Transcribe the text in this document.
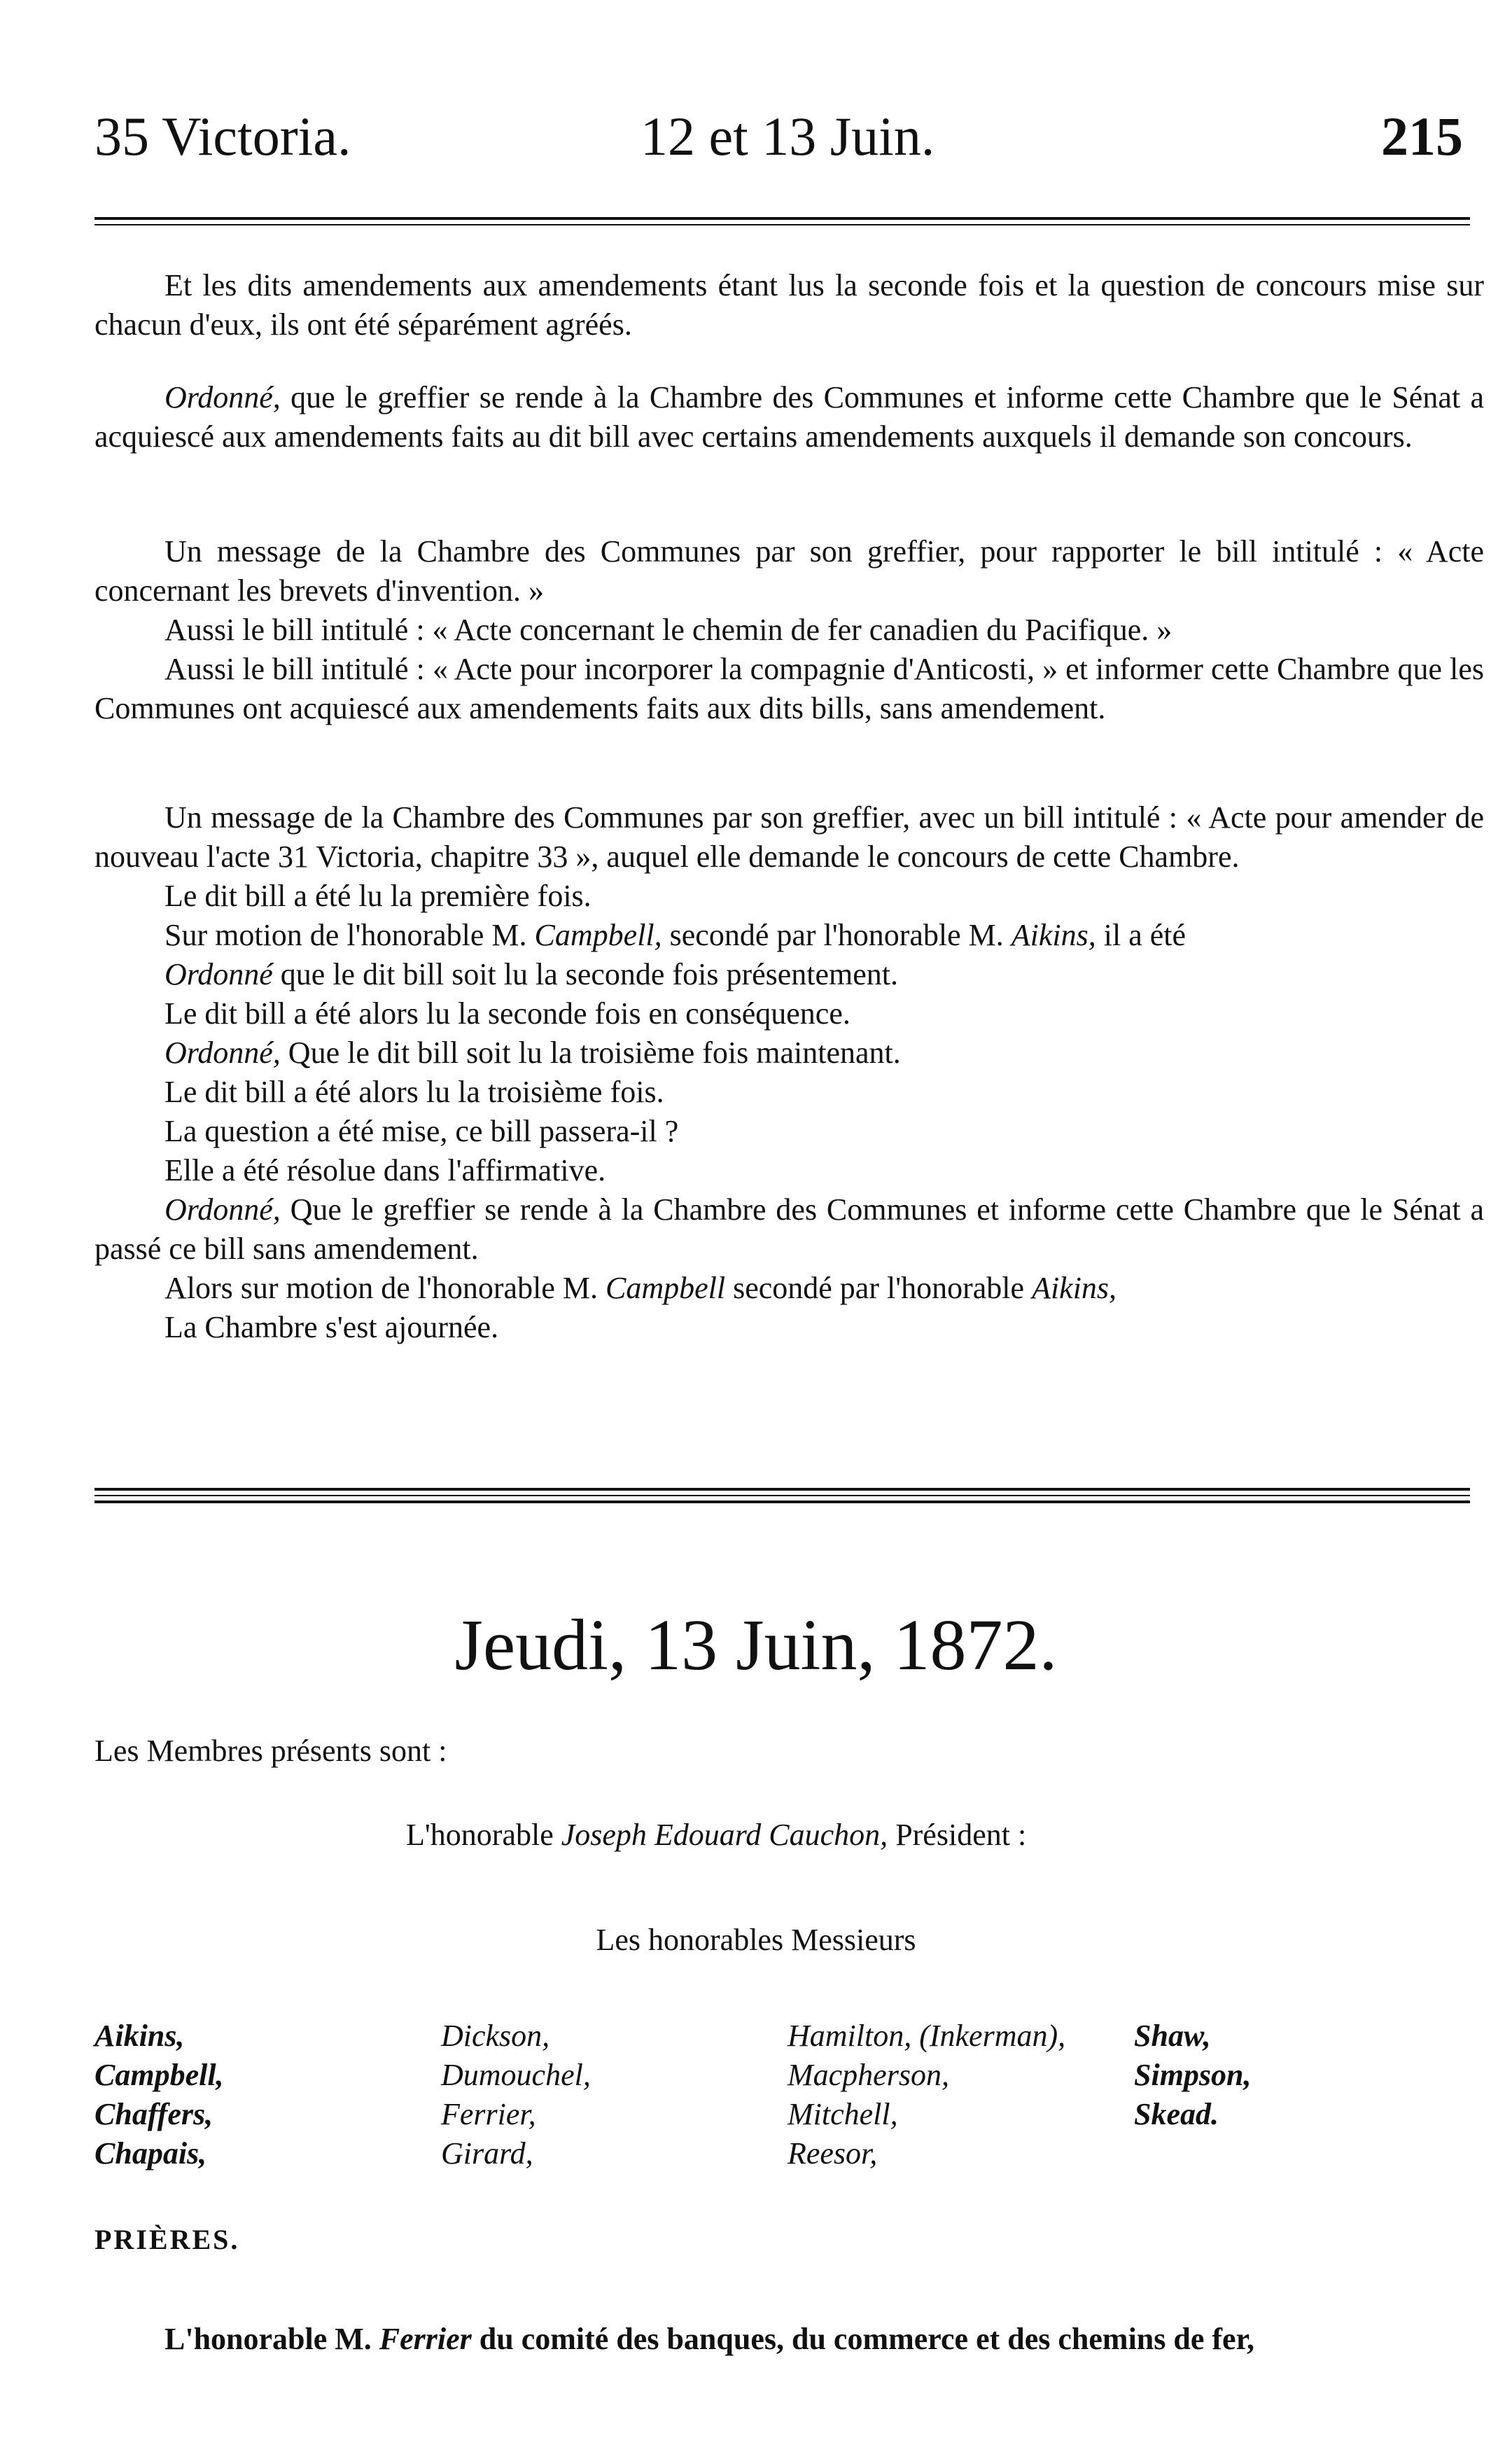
35 Victoria.	12 et 13 Juin.	215

Et les dits amendements aux amendements étant lus la seconde fois et la question de concours mise sur chacun d'eux, ils ont été séparément agréés.

Ordonné, que le greffier se rende à la Chambre des Communes et informe cette Chambre que le Sénat a acquiescé aux amendements faits au dit bill avec certains amendements auxquels il demande son concours.

Un message de la Chambre des Communes par son greffier, pour rapporter le bill intitulé : « Acte concernant les brevets d'invention. »

Aussi le bill intitulé : « Acte concernant le chemin de fer canadien du Pacifique. »

Aussi le bill intitulé : « Acte pour incorporer la compagnie d'Anticosti, » et informer cette Chambre que les Communes ont acquiescé aux amendements faits aux dits bills, sans amendement.

Un message de la Chambre des Communes par son greffier, avec un bill intitulé : « Acte pour amender de nouveau l'acte 31 Victoria, chapitre 33 », auquel elle demande le concours de cette Chambre.

Le dit bill a été lu la première fois.

Sur motion de l'honorable M. Campbell, secondé par l'honorable M. Aikins, il a été

Ordonné que le dit bill soit lu la seconde fois présentement.

Le dit bill a été alors lu la seconde fois en conséquence.

Ordonné, Que le dit bill soit lu la troisième fois maintenant.

Le dit bill a été alors lu la troisième fois.

La question a été mise, ce bill passera-il ?

Elle a été résolue dans l'affirmative.

Ordonné, Que le greffier se rende à la Chambre des Communes et informe cette Chambre que le Sénat a passé ce bill sans amendement.

Alors sur motion de l'honorable M. Campbell secondé par l'honorable Aikins,

La Chambre s'est ajournée.

Jeudi, 13 Juin, 1872.
Les Membres présents sont :
L'honorable Joseph Edouard Cauchon, Président :
Les honorables Messieurs
Aikins,
Campbell,
Chaffers,
Chapais,
Dickson,
Dumouchel,
Ferrier,
Girard,
Hamilton, (Inkerman),
Macpherson,
Mitchell,
Reesor,
Shaw,
Simpson,
Skead.
PRIÈRES.
L'honorable M. Ferrier du comité des banques, du commerce et des chemins de fer,
